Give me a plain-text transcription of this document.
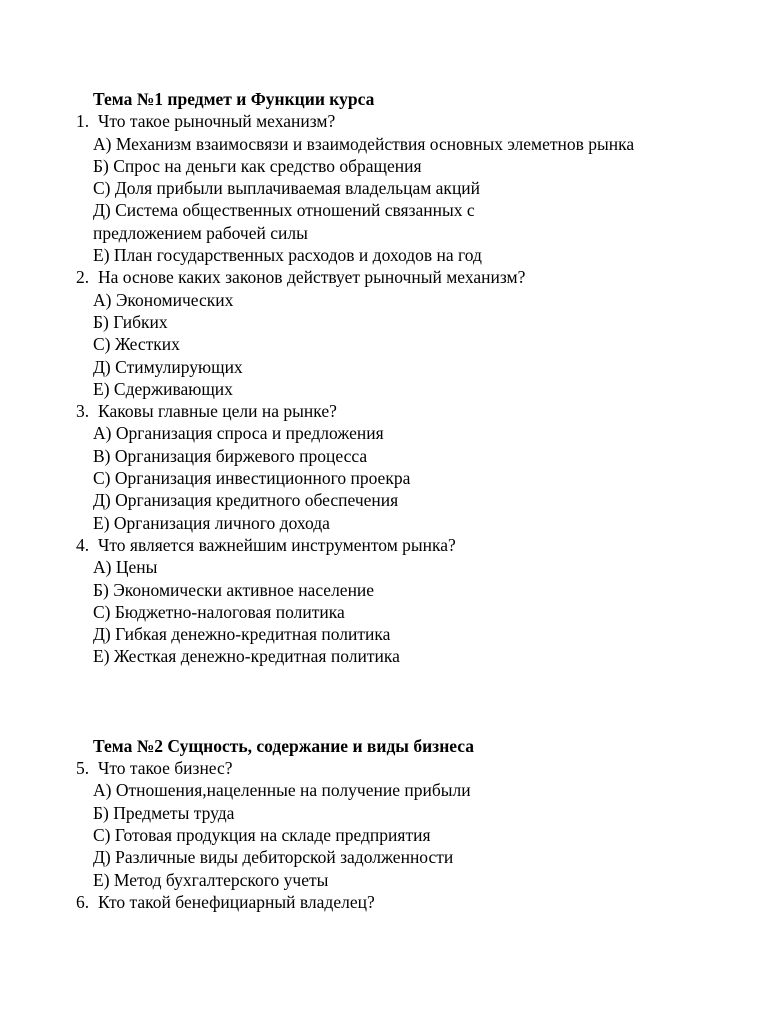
Тема №1 предмет и Функции курса
1. Что такое рыночный механизм?
А) Механизм взаимосвязи и взаимодействия основных элеметнов рынка
Б) Спрос на деньги как средство обращения
С) Доля прибыли выплачиваемая владельцам акций
Д) Система общественных отношений связанных с предложением рабочей силы
Е) План государственных расходов и доходов на год
2. На основе каких законов действует рыночный механизм?
А) Экономических
Б) Гибких
С) Жестких
Д) Стимулирующих
Е) Сдерживающих
3. Каковы главные цели на рынке?
А) Организация спроса и предложения
В) Организация биржевого процесса
С) Организация инвестиционного проекра
Д) Организация кредитного обеспечения
Е) Организация личного дохода
4. Что является важнейшим инструментом рынка?
А) Цены
Б) Экономически активное население
С) Бюджетно-налоговая политика
Д) Гибкая денежно-кредитная политика
Е) Жесткая денежно-кредитная политика
Тема №2 Сущность, содержание и виды бизнеса
5. Что такое бизнес?
А) Отношения,нацеленные на получение прибыли
Б) Предметы труда
С) Готовая продукция на складе предприятия
Д) Различные виды дебиторской задолженности
Е) Метод бухгалтерского учеты
6. Кто такой бенефициарный владелец?
